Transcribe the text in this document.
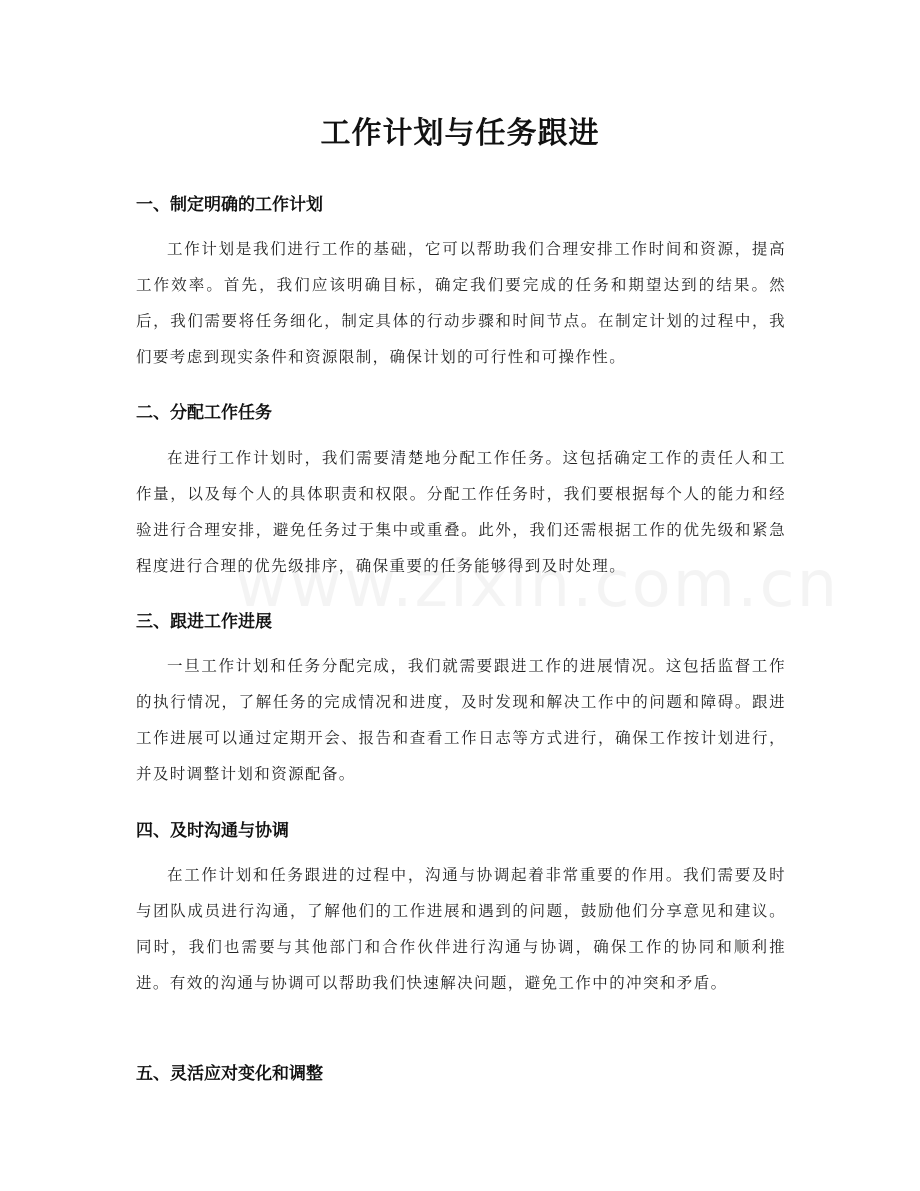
工作计划与任务跟进
一、制定明确的工作计划
工作计划是我们进行工作的基础，它可以帮助我们合理安排工作时间和资源，提高工作效率。首先，我们应该明确目标，确定我们要完成的任务和期望达到的结果。然后，我们需要将任务细化，制定具体的行动步骤和时间节点。在制定计划的过程中，我们要考虑到现实条件和资源限制，确保计划的可行性和可操作性。
二、分配工作任务
在进行工作计划时，我们需要清楚地分配工作任务。这包括确定工作的责任人和工作量，以及每个人的具体职责和权限。分配工作任务时，我们要根据每个人的能力和经验进行合理安排，避免任务过于集中或重叠。此外，我们还需根据工作的优先级和紧急程度进行合理的优先级排序，确保重要的任务能够得到及时处理。
三、跟进工作进展
一旦工作计划和任务分配完成，我们就需要跟进工作的进展情况。这包括监督工作的执行情况，了解任务的完成情况和进度，及时发现和解决工作中的问题和障碍。跟进工作进展可以通过定期开会、报告和查看工作日志等方式进行，确保工作按计划进行，并及时调整计划和资源配备。
四、及时沟通与协调
在工作计划和任务跟进的过程中，沟通与协调起着非常重要的作用。我们需要及时与团队成员进行沟通，了解他们的工作进展和遇到的问题，鼓励他们分享意见和建议。同时，我们也需要与其他部门和合作伙伴进行沟通与协调，确保工作的协同和顺利推进。有效的沟通与协调可以帮助我们快速解决问题，避免工作中的冲突和矛盾。
五、灵活应对变化和调整
